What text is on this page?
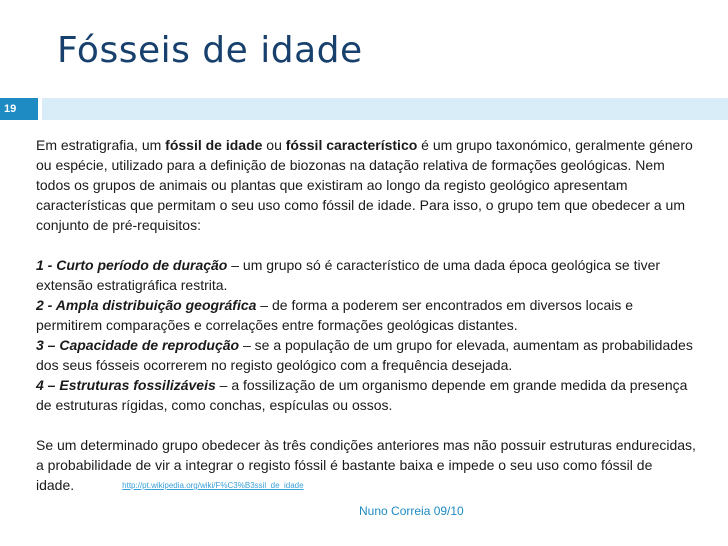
Fósseis de idade
19

Em estratigrafia, um fóssil de idade ou fóssil característico é um grupo taxonómico, geralmente género ou espécie, utilizado para a definição de biozonas na datação relativa de formações geológicas. Nem todos os grupos de animais ou plantas que existiram ao longo da registo geológico apresentam características que permitam o seu uso como fóssil de idade. Para isso, o grupo tem que obedecer a um conjunto de pré-requisitos:

1 - Curto período de duração – um grupo só é característico de uma dada época geológica se tiver extensão estratigráfica restrita.

2 - Ampla distribuição geográfica – de forma a poderem ser encontrados em diversos locais e permitirem comparações e correlações entre formações geológicas distantes.

3 – Capacidade de reprodução – se a população de um grupo for elevada, aumentam as probabilidades dos seus fósseis ocorrerem no registo geológico com a frequência desejada.

4 – Estruturas fossilizáveis – a fossilização de um organismo depende em grande medida da presença de estruturas rígidas, como conchas, espículas ou ossos.

Se um determinado grupo obedecer às três condições anteriores mas não possuir estruturas endurecidas, a probabilidade de vir a integrar o registo fóssil é bastante baixa e impede o seu uso como fóssil de idade.	http://pt.wikipedia.org/wiki/F%C3%B3ssil_de_idade

Nuno Correia 09/10
